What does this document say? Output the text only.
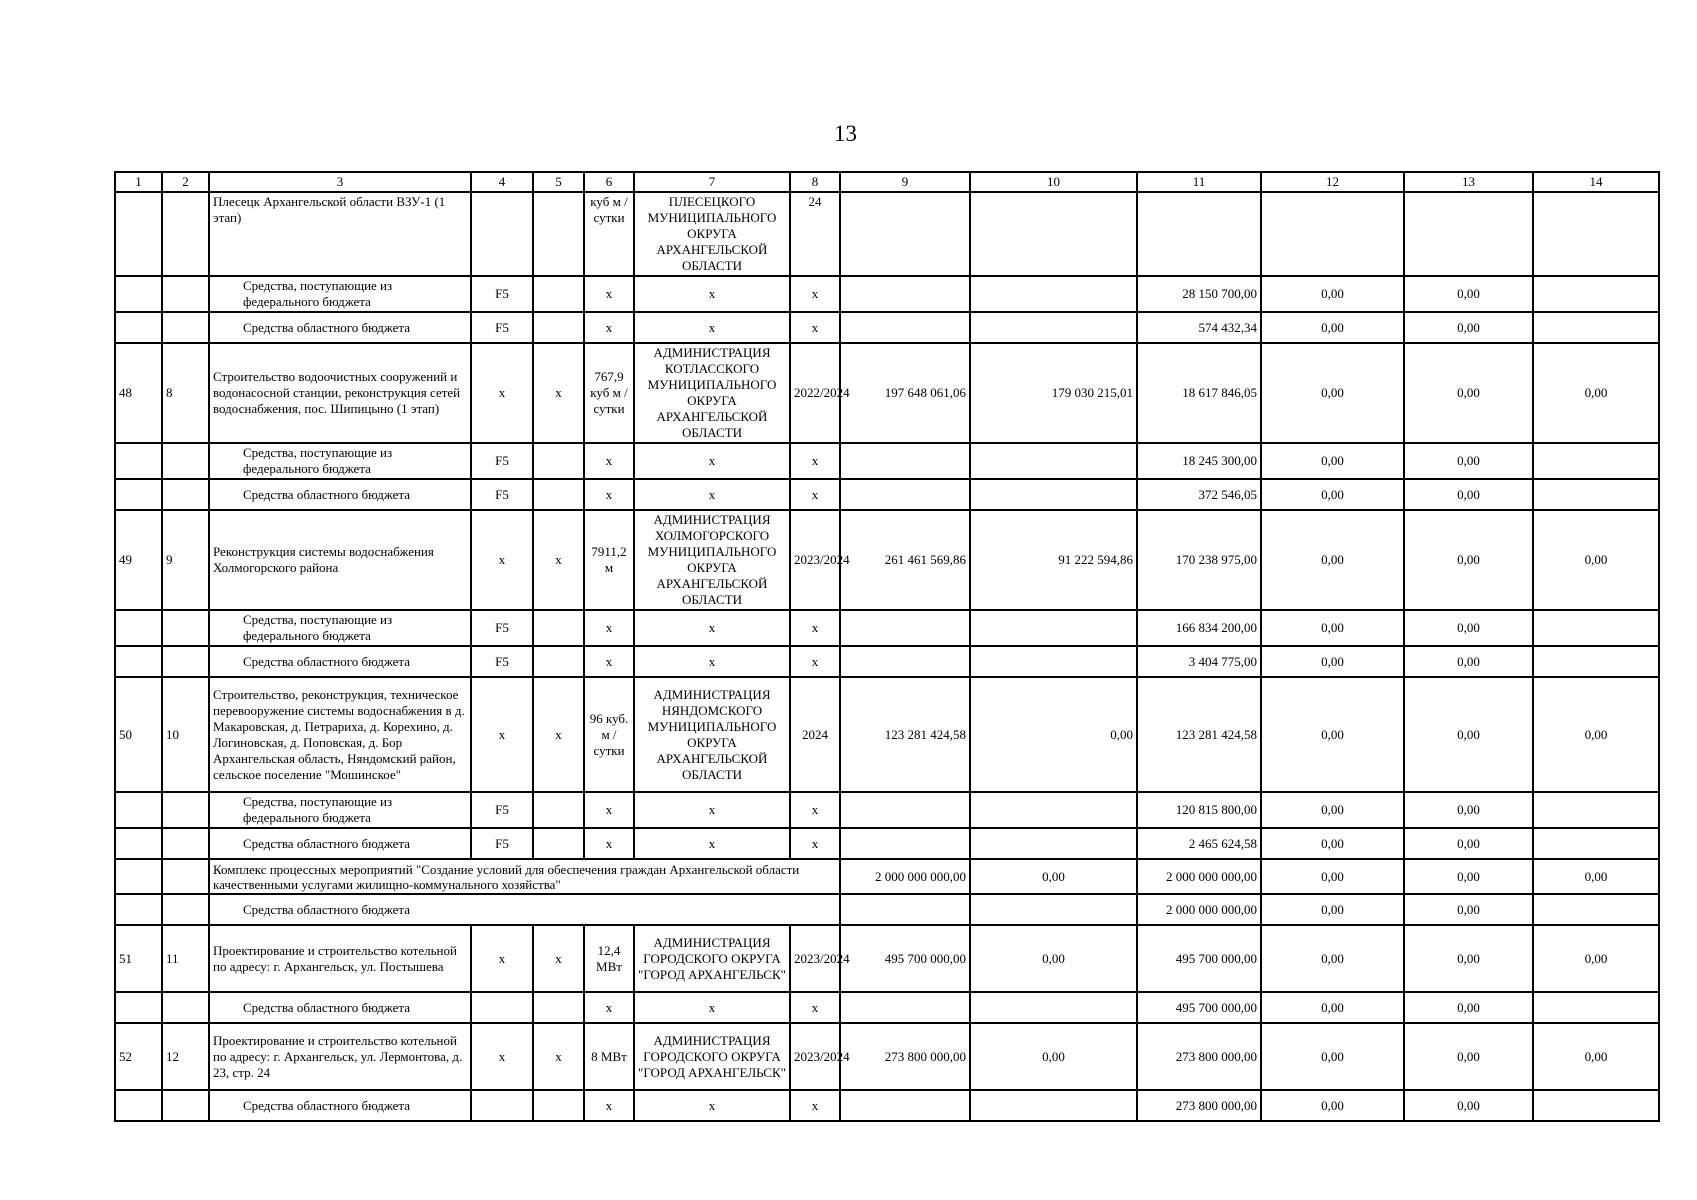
13
1	2	3	4	5	6	7	8	9	10	11	12	13	14
		Плесецк Архангельской области ВЗУ-1 (1 этап)			куб м / сутки	ПЛЕСЕЦКОГО МУНИЦИПАЛЬНОГО ОКРУГА АРХАНГЕЛЬСКОЙ ОБЛАСТИ	24						
		Средства, поступающие из федерального бюджета	F5		x	x	x			28 150 700,00	0,00	0,00	
		Средства областного бюджета	F5		x	x	x			574 432,34	0,00	0,00	
48	8	Строительство водоочистных сооружений и водонасосной станции, реконструкция сетей водоснабжения, пос. Шипицыно (1 этап)	x	x	767,9 куб м / сутки	АДМИНИСТРАЦИЯ КОТЛАССКОГО МУНИЦИПАЛЬНОГО ОКРУГА АРХАНГЕЛЬСКОЙ ОБЛАСТИ	2022/2024	197 648 061,06	179 030 215,01	18 617 846,05	0,00	0,00	0,00
		Средства, поступающие из федерального бюджета	F5		x	x	x			18 245 300,00	0,00	0,00	
		Средства областного бюджета	F5		x	x	x			372 546,05	0,00	0,00	
49	9	Реконструкция системы водоснабжения Холмогорского района	x	x	7911,2 м	АДМИНИСТРАЦИЯ ХОЛМОГОРСКОГО МУНИЦИПАЛЬНОГО ОКРУГА АРХАНГЕЛЬСКОЙ ОБЛАСТИ	2023/2024	261 461 569,86	91 222 594,86	170 238 975,00	0,00	0,00	0,00
		Средства, поступающие из федерального бюджета	F5		x	x	x			166 834 200,00	0,00	0,00	
		Средства областного бюджета	F5		x	x	x			3 404 775,00	0,00	0,00	
50	10	Строительство, реконструкция, техническое перевооружение системы водоснабжения в д. Макаровская, д. Петрариха, д. Корехино, д. Логиновская, д. Поповская, д. Бор Архангельская область, Няндомский район, сельское поселение "Мошинское"	x	x	96 куб. м / сутки	АДМИНИСТРАЦИЯ НЯНДОМСКОГО МУНИЦИПАЛЬНОГО ОКРУГА АРХАНГЕЛЬСКОЙ ОБЛАСТИ	2024	123 281 424,58	0,00	123 281 424,58	0,00	0,00	0,00
		Средства, поступающие из федерального бюджета	F5		x	x	x			120 815 800,00	0,00	0,00	
		Средства областного бюджета	F5		x	x	x			2 465 624,58	0,00	0,00	
		Комплекс процессных мероприятий "Создание условий для обеспечения граждан Архангельской области качественными услугами жилищно-коммунального хозяйства"						2 000 000 000,00	0,00	2 000 000 000,00	0,00	0,00	0,00
		Средства областного бюджета								2 000 000 000,00	0,00	0,00	
51	11	Проектирование и строительство котельной по адресу: г. Архангельск, ул. Постышева	x	x	12,4 МВт	АДМИНИСТРАЦИЯ ГОРОДСКОГО ОКРУГА "ГОРОД АРХАНГЕЛЬСК"	2023/2024	495 700 000,00	0,00	495 700 000,00	0,00	0,00	0,00
		Средства областного бюджета			x	x	x			495 700 000,00	0,00	0,00	
52	12	Проектирование и строительство котельной по адресу: г. Архангельск, ул. Лермонтова, д. 23, стр. 24	x	x	8 МВт	АДМИНИСТРАЦИЯ ГОРОДСКОГО ОКРУГА "ГОРОД АРХАНГЕЛЬСК"	2023/2024	273 800 000,00	0,00	273 800 000,00	0,00	0,00	0,00
		Средства областного бюджета			x	x	x			273 800 000,00	0,00	0,00	
